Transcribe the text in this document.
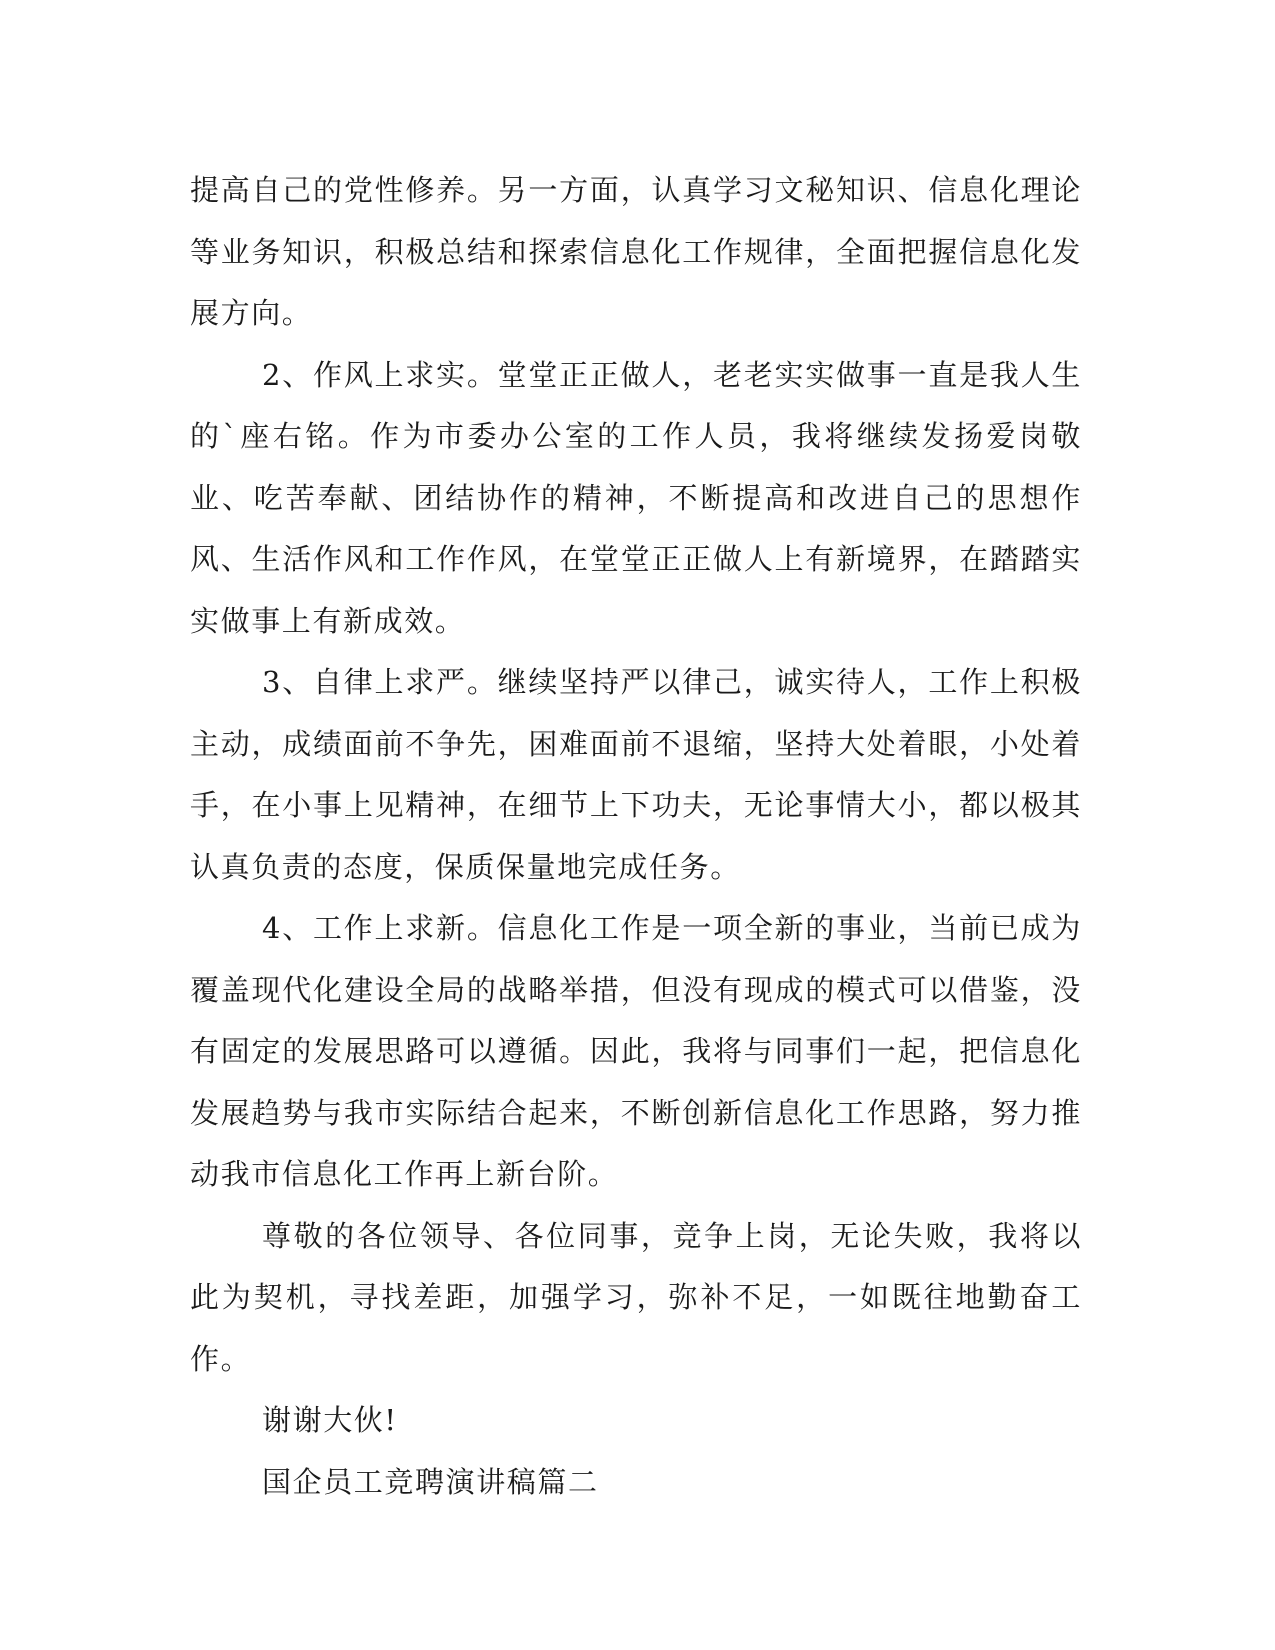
提高自己的党性修养。另一方面，认真学习文秘知识、信息化理论等业务知识，积极总结和探索信息化工作规律，全面把握信息化发展方向。

2、作风上求实。堂堂正正做人，老老实实做事一直是我人生的`座右铭。作为市委办公室的工作人员，我将继续发扬爱岗敬业、吃苦奉献、团结协作的精神，不断提高和改进自己的思想作风、生活作风和工作作风，在堂堂正正做人上有新境界，在踏踏实实做事上有新成效。

3、自律上求严。继续坚持严以律己，诚实待人，工作上积极主动，成绩面前不争先，困难面前不退缩，坚持大处着眼，小处着手，在小事上见精神，在细节上下功夫，无论事情大小，都以极其认真负责的态度，保质保量地完成任务。

4、工作上求新。信息化工作是一项全新的事业，当前已成为覆盖现代化建设全局的战略举措，但没有现成的模式可以借鉴，没有固定的发展思路可以遵循。因此，我将与同事们一起，把信息化发展趋势与我市实际结合起来，不断创新信息化工作思路，努力推动我市信息化工作再上新台阶。

尊敬的各位领导、各位同事，竞争上岗，无论失败，我将以此为契机，寻找差距，加强学习，弥补不足，一如既往地勤奋工作。

谢谢大伙!

国企员工竞聘演讲稿篇二
